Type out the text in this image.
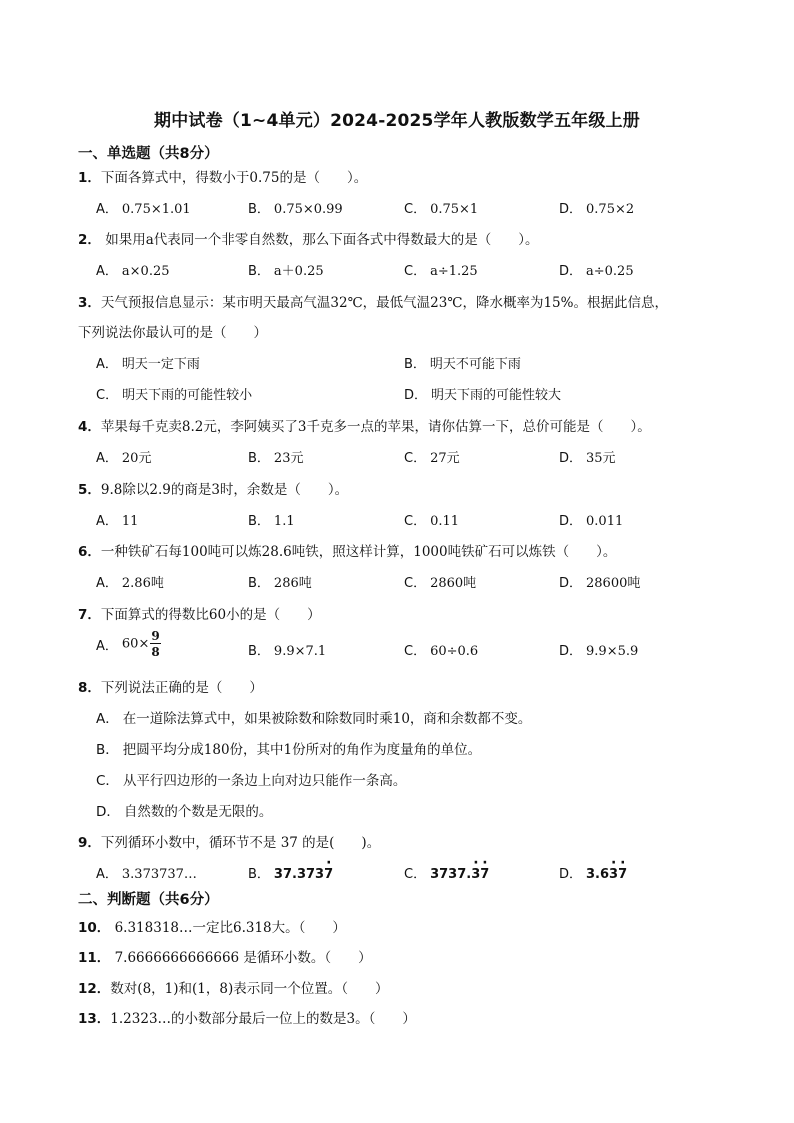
期中试卷（1~4单元）2024-2025学年人教版数学五年级上册
一、单选题（共8分）
1．下面各算式中，得数小于0.75的是（　　）。
A． 0.75×1.01	B． 0.75×0.99	C． 0.75×1	D． 0.75×2
2． 如果用a代表同一个非零自然数，那么下面各式中得数最大的是（　　）。
A． a×0.25	B． a＋0.25	C． a÷1.25	D． a÷0.25
3．天气预报信息显示：某市明天最高气温32℃，最低气温23℃，降水概率为15%。根据此信息，
下列说法你最认可的是（　　）
A． 明天一定下雨	B． 明天不可能下雨
C． 明天下雨的可能性较小	D． 明天下雨的可能性较大
4．苹果每千克卖8.2元，李阿姨买了3千克多一点的苹果，请你估算一下，总价可能是（　　）。
A． 20元	B． 23元	C． 27元	D． 35元
5．9.8除以2.9的商是3时，余数是（　　）。
A． 11	B． 1.1	C． 0.11	D． 0.011
6．一种铁矿石每100吨可以炼28.6吨铁，照这样计算，1000吨铁矿石可以炼铁（　　）。
A． 2.86吨	B． 286吨	C． 2860吨	D． 28600吨
7．下面算式的得数比60小的是（　　）
A． $60\times \frac{9}{8}$	B． 9.9×7.1	C． 60÷0.6	D． 9.9×5.9
8．下列说法正确的是（　　）
A． 在一道除法算式中，如果被除数和除数同时乘10，商和余数都不变。
B． 把圆平均分成180份，其中1份所对的角作为度量角的单位。
C． 从平行四边形的一条边上向对边只能作一条高。
D． 自然数的个数是无限的。
9．下列循环小数中，循环节不是 37 的是(　　)。
A． 3.373737…	B． 37.373· 7	C． 3737.· 3· 7	D． 3.6· 3· 7
二、判断题（共6分）
10． 6.318318…一定比6.318大。（　　）
11． 7.6666666666666 是循环小数。（　　）
12．数对(8，1)和(1，8)表示同一个位置。（　　）
13．1.2323…的小数部分最后一位上的数是3。（　　）
